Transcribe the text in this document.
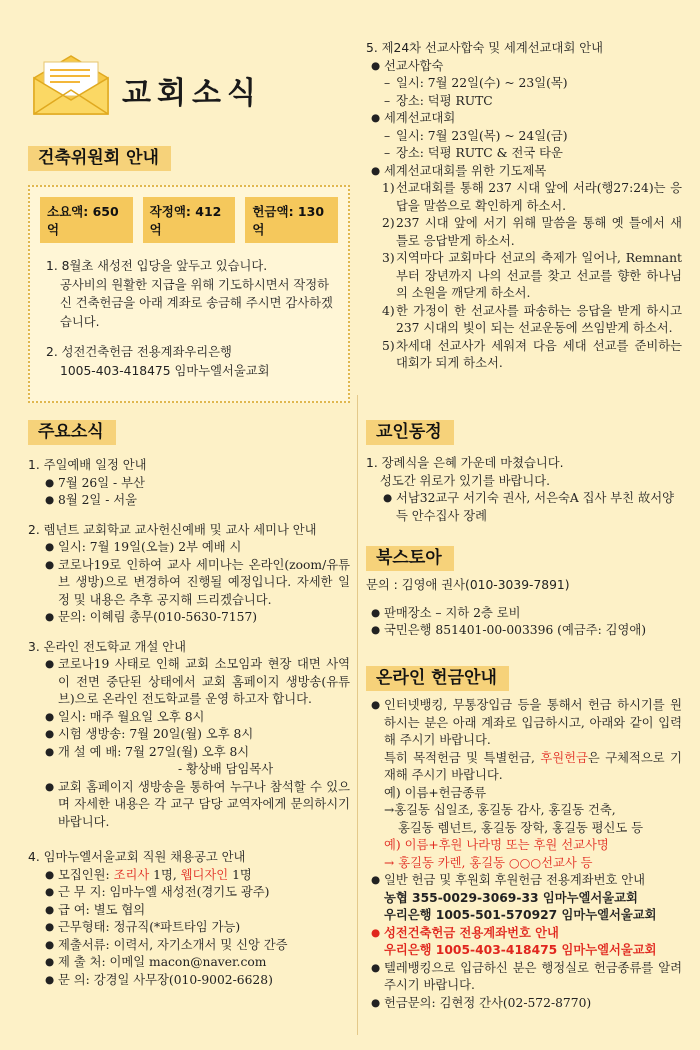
교회소식
건축위원회 안내
소요액: 650억
작정액: 412억
헌금액: 130억
1. 8월초 새성전 입당을 앞두고 있습니다.
공사비의 원활한 지급을 위해 기도하시면서 작정하신 건축헌금을 아래 계좌로 송금해 주시면 감사하겠습니다.
2. 성전건축헌금 전용계좌우리은행
1005-403-418475 임마누엘서울교회
주요소식
1. 주일예배 일정 안내
● 7월 26일 - 부산
● 8월 2일 - 서울
2. 렘넌트 교회학교 교사헌신예배 및 교사 세미나 안내
● 일시: 7월 19일(오늘) 2부 예배 시
● 코로나19로 인하여 교사 세미나는 온라인(zoom/유튜브 생방)으로 변경하여 진행될 예정입니다. 자세한 일정 및 내용은 추후 공지해 드리겠습니다.
● 문의: 이혜림 총무(010-5630-7157)
3. 온라인 전도학교 개설 안내
● 코로나19 사태로 인해 교회 소모임과 현장 대면 사역이 전면 중단된 상태에서 교회 홈페이지 생방송(유튜브)으로 온라인 전도학교를 운영 하고자 합니다.
● 일시: 매주 월요일 오후 8시
● 시험 생방송: 7월 20일(월) 오후 8시
● 개 설 예 배: 7월 27일(월) 오후 8시
- 황상배 담임목사
● 교회 홈페이지 생방송을 통하여 누구나 참석할 수 있으며 자세한 내용은 각 교구 담당 교역자에게 문의하시기 바랍니다.
4. 임마누엘서울교회 직원 채용공고 안내
● 모집인원: 조리사 1명, 웹디자인 1명
● 근 무 지: 임마누엘 새성전(경기도 광주)
● 급 여: 별도 협의
● 근무형태: 정규직(*파트타임 가능)
● 제출서류: 이력서, 자기소개서 및 신앙 간증
● 제 출 처: 이메일 macon@naver.com
● 문 의: 강경일 사무장(010-9002-6628)
5. 제24차 선교사합숙 및 세계선교대회 안내
● 선교사합숙
– 일시: 7월 22일(수) ~ 23일(목)
– 장소: 덕평 RUTC
● 세계선교대회
– 일시: 7월 23일(목) ~ 24일(금)
– 장소: 덕평 RUTC & 전국 타운
● 세계선교대회를 위한 기도제목
1) 선교대회를 통해 237 시대 앞에 서라(행27:24)는 응답을 말씀으로 확인하게 하소서.
2) 237 시대 앞에 서기 위해 말씀을 통해 옛 틀에서 새 틀로 응답받게 하소서.
3) 지역마다 교회마다 선교의 축제가 일어나, Remnant부터 장년까지 나의 선교를 찾고 선교를 향한 하나님의 소원을 깨닫게 하소서.
4) 한 가정이 한 선교사를 파송하는 응답을 받게 하시고 237 시대의 빛이 되는 선교운동에 쓰임받게 하소서.
5) 차세대 선교사가 세워져 다음 세대 선교를 준비하는 대회가 되게 하소서.
교인동정
1. 장례식을 은혜 가운데 마쳤습니다.
성도간 위로가 있기를 바랍니다.
● 서남32교구 서기숙 권사, 서은숙A 집사 부친 故서양득 안수집사 장례
북스토아
문의 : 김영애 권사(010-3039-7891)
● 판매장소 – 지하 2층 로비
● 국민은행 851401-00-003396 (예금주: 김영애)
온라인 헌금안내
● 인터넷뱅킹, 무통장입금 등을 통해서 헌금 하시기를 원하시는 분은 아래 계좌로 입금하시고, 아래와 같이 입력해 주시기 바랍니다.
특히 목적헌금 및 특별헌금, 후원헌금은 구체적으로 기재해 주시기 바랍니다.
예) 이름+헌금종류
→홍길동 십일조, 홍길동 감사, 홍길동 건축,
홍길동 렘넌트, 홍길동 장학, 홍길동 평신도 등
예) 이름+후원 나라명 또는 후원 선교사명
→ 홍길동 카렌, 홍길동 ○○○선교사 등
● 일반 헌금 및 후원회 후원헌금 전용계좌번호 안내
농협 355-0029-3069-33 임마누엘서울교회
우리은행 1005-501-570927 임마누엘서울교회
● 성전건축헌금 전용계좌번호 안내
우리은행 1005-403-418475 임마누엘서울교회
● 텔레뱅킹으로 입금하신 분은 행정실로 헌금종류를 알려주시기 바랍니다.
● 헌금문의: 김현정 간사(02-572-8770)
